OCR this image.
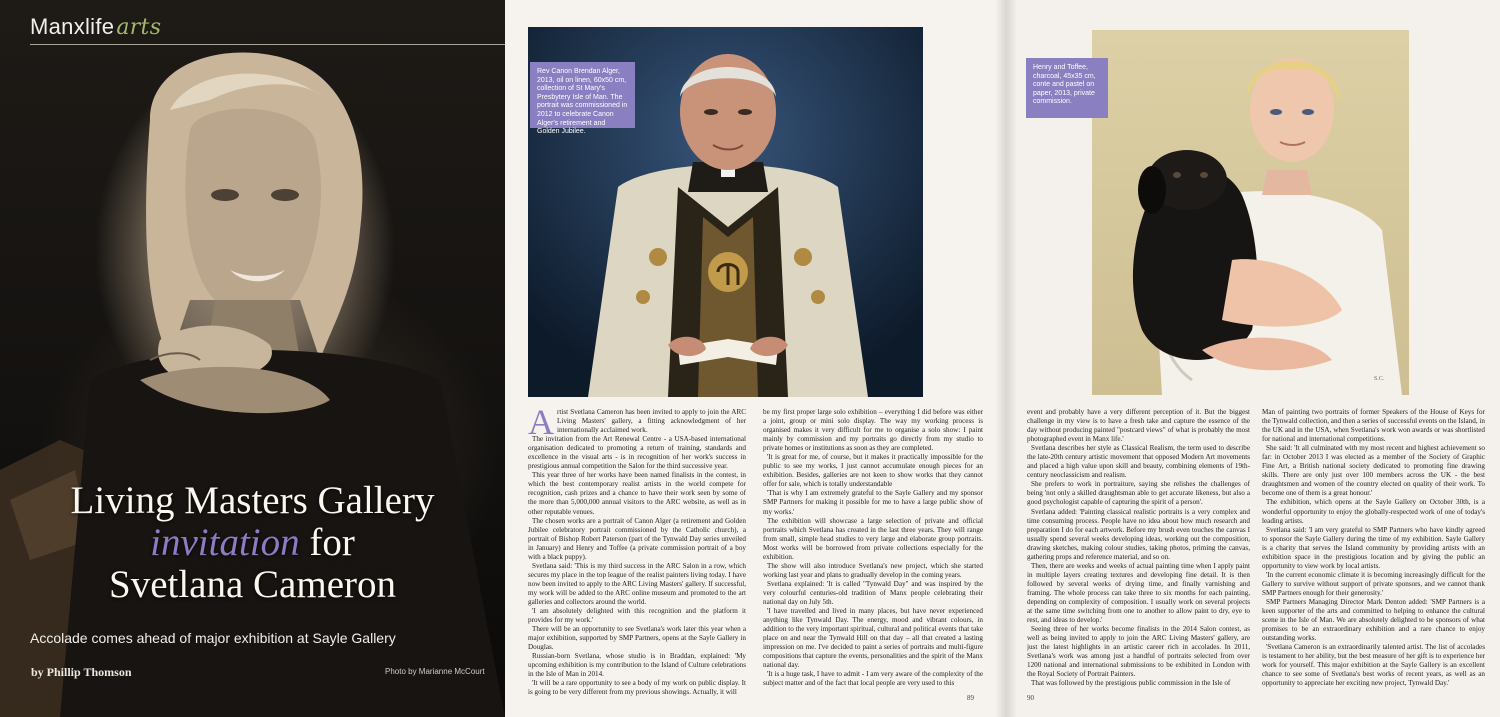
Manxlifearts
Living Masters Gallery
invitation for
Svetlana Cameron
Accolade comes ahead of major exhibition at Sayle Gallery
by Phillip Thomson	Photo by Marianne McCourt
Rev Canon Brendan Alger, 2013, oil on linen, 60x50 cm, collection of St Mary's Presbytery Isle of Man. The portrait was commissioned in 2012 to celebrate Canon Alger's retirement and Golden Jubilee.
A rtist Svetlana Cameron has been invited to apply to join the ARC Living Masters' gallery, a fitting acknowledgment of her internationally acclaimed work.

The invitation from the Art Renewal Centre - a USA-based international organisation dedicated to promoting a return of training, standards and excellence in the visual arts - is in recognition of her work's success in prestigious annual competition the Salon for the third successive year.

This year three of her works have been named finalists in the contest, in which the best contemporary realist artists in the world compete for recognition, cash prizes and a chance to have their work seen by some of the more than 5,000,000 annual visitors to the ARC website, as well as in other reputable venues.

The chosen works are a portrait of Canon Alger (a retirement and Golden Jubilee celebratory portrait commissioned by the Catholic church), a portrait of Bishop Robert Paterson (part of the Tynwald Day series unveiled in January) and Henry and Toffee (a private commission portrait of a boy with a black puppy).

Svetlana said: 'This is my third success in the ARC Salon in a row, which secures my place in the top league of the realist painters living today. I have now been invited to apply to the ARC Living Masters' gallery. If successful, my work will be added to the ARC online museum and promoted to the art galleries and collectors around the world.

'I am absolutely delighted with this recognition and the platform it provides for my work.'

There will be an opportunity to see Svetlana's work later this year when a major exhibition, supported by SMP Partners, opens at the Sayle Gallery in Douglas.

Russian-born Svetlana, whose studio is in Braddan, explained: 'My upcoming exhibition is my contribution to the Island of Culture celebrations in the Isle of Man in 2014.

'It will be a rare opportunity to see a body of my work on public display. It is going to be very different from my previous showings. Actually, it will

be my first proper large solo exhibition – everything I did before was either a joint, group or mini solo display. The way my working process is organised makes it very difficult for me to organise a solo show: I paint mainly by commission and my portraits go directly from my studio to private homes or institutions as soon as they are completed.

'It is great for me, of course, but it makes it practically impossible for the public to see my works, I just cannot accumulate enough pieces for an exhibition. Besides, galleries are not keen to show works that they cannot offer for sale, which is totally understandable

'That is why I am extremely grateful to the Sayle Gallery and my sponsor SMP Partners for making it possible for me to have a large public show of my works.'

The exhibition will showcase a large selection of private and official portraits which Svetlana has created in the last three years. They will range from small, simple head studies to very large and elaborate group portraits. Most works will be borrowed from private collections especially for the exhibition.

The show will also introduce Svetlana's new project, which she started working last year and plans to gradually develop in the coming years.

Svetlana explained: 'It is called "Tynwald Day" and was inspired by the very colourful centuries-old tradition of Manx people celebrating their national day on July 5th.

'I have travelled and lived in many places, but have never experienced anything like Tynwald Day. The energy, mood and vibrant colours, in addition to the very important spiritual, cultural and political events that take place on and near the Tynwald Hill on that day – all that created a lasting impression on me. I've decided to paint a series of portraits and multi-figure compositions that capture the events, personalities and the spirit of the Manx national day.

'It is a huge task, I have to admit - I am very aware of the complexity of the subject matter and of the fact that local people are very used to this

89
S.C.
Henry and Toffee, charcoal, 45x35 cm, conte and pastel on paper, 2013, private commission.

event and probably have a very different perception of it. But the biggest challenge in my view is to have a fresh take and capture the essence of the day without producing painted "postcard views" of what is probably the most photographed event in Manx life.'

Svetlana describes her style as Classical Realism, the term used to describe the late-20th century artistic movement that opposed Modern Art movements and placed a high value upon skill and beauty, combining elements of 19th-century neoclassicism and realism.

She prefers to work in portraiture, saying she relishes the challenges of being 'not only a skilled draughtsman able to get accurate likeness, but also a good psychologist capable of capturing the spirit of a person'.

Svetlana added: 'Painting classical realistic portraits is a very complex and time consuming process. People have no idea about how much research and preparation I do for each artwork. Before my brush even touches the canvas I usually spend several weeks developing ideas, working out the composition, drawing sketches, making colour studies, taking photos, priming the canvas, gathering props and reference material, and so on.

Then, there are weeks and weeks of actual painting time when I apply paint in multiple layers creating textures and developing fine detail. It is then followed by several weeks of drying time, and finally varnishing and framing. The whole process can take three to six months for each painting, depending on complexity of composition. I usually work on several projects at the same time switching from one to another to allow paint to dry, eye to rest, and ideas to develop.'

Seeing three of her works become finalists in the 2014 Salon contest, as well as being invited to apply to join the ARC Living Masters' gallery, are just the latest highlights in an artistic career rich in accolades. In 2011, Svetlana's work was among just a handful of portraits selected from over 1200 national and international submissions to be exhibited in London with the Royal Society of Portrait Painters.

That was followed by the prestigious public commission in the Isle of

Man of painting two portraits of former Speakers of the House of Keys for the Tynwald collection, and then a series of successful events on the Island, in the UK and in the USA, when Svetlana's work won awards or was shortlisted for national and international competitions.

She said: 'It all culminated with my most recent and highest achievement so far: in October 2013 I was elected as a member of the Society of Graphic Fine Art, a British national society dedicated to promoting fine drawing skills. There are only just over 100 members across the UK - the best draughtsmen and women of the country elected on quality of their work. To become one of them is a great honour.'

The exhibition, which opens at the Sayle Gallery on October 30th, is a wonderful opportunity to enjoy the globally-respected work of one of today's leading artists.

Svetlana said: 'I am very grateful to SMP Partners who have kindly agreed to sponsor the Sayle Gallery during the time of my exhibition. Sayle Gallery is a charity that serves the Island community by providing artists with an exhibition space in the prestigious location and by giving the public an opportunity to view work by local artists.

'In the current economic climate it is becoming increasingly difficult for the Gallery to survive without support of private sponsors, and we cannot thank SMP Partners enough for their generosity.'

SMP Partners Managing Director Mark Denton added: 'SMP Partners is a keen supporter of the arts and committed to helping to enhance the cultural scene in the Isle of Man. We are absolutely delighted to be sponsors of what promises to be an extraordinary exhibition and a rare chance to enjoy outstanding works.

'Svetlana Cameron is an extraordinarily talented artist. The list of accolades is testament to her ability, but the best measure of her gift is to experience her work for yourself. This major exhibition at the Sayle Gallery is an excellent chance to see some of Svetlana's best works of recent years, as well as an opportunity to appreciate her exciting new project, Tynwald Day.'

90
